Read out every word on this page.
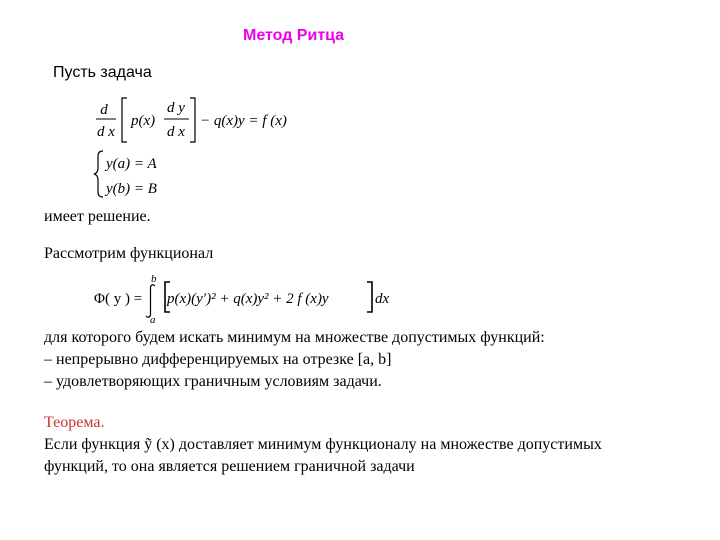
Метод Ритца
Пусть задача
d
d x
p(x)
d y
d x
− q(x)y = f (x)
y(a) = A
y(b) = B
имеет решение.
Рассмотрим функционал
Φ( y ) =
b
a
p(x)(y′)² + q(x)y² + 2 f (x)y	dx
для которого будем искать минимум на множестве допустимых функций:
– непрерывно дифференцируемых на отрезке [a, b]
– удовлетворяющих граничным условиям задачи.
Теорема.
Если функция ỹ (x) доставляет минимум функционалу на множестве допустимых
функций, то она является решением граничной задачи
